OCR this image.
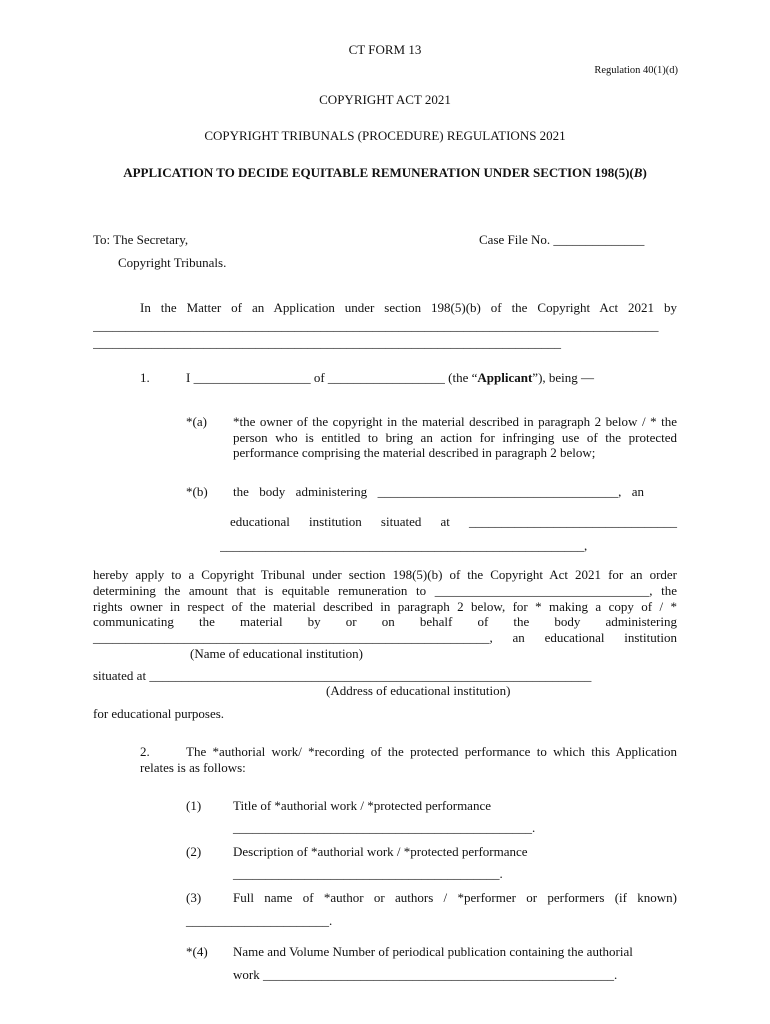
CT FORM 13
Regulation 40(1)(d)
COPYRIGHT ACT 2021
COPYRIGHT TRIBUNALS (PROCEDURE) REGULATIONS 2021
APPLICATION TO DECIDE EQUITABLE REMUNERATION UNDER SECTION 198(5)(B)
To: The Secretary,	Case File No. ______________
Copyright Tribunals.
In the Matter of an Application under section 198(5)(b) of the Copyright Act 2021 by
_______________________________________________________________________________________
________________________________________________________________________
1.	I __________________ of __________________ (the “Applicant”), being —
*(a) *the owner of the copyright in the material described in paragraph 2 below / * the person who is entitled to bring an action for infringing use of the protected performance comprising the material described in paragraph 2 below;
*(b) the body administering _____________________________________, an
educational institution situated at ________________________________
________________________________________________________,
hereby apply to a Copyright Tribunal under section 198(5)(b) of the Copyright Act 2021 for an order
determining the amount that is equitable remuneration to _________________________________, the
rights owner in respect of the material described in paragraph 2 below, for * making a copy of / *
communicating the material by or on behalf of the body administering
_____________________________________________________________, an educational institution
(Name of educational institution)
situated at ____________________________________________________________________
(Address of educational institution)
for educational purposes.
2.	The *authorial work/ *recording of the protected performance to which this Application relates is as follows:
(1) Title of *authorial work / *protected performance
______________________________________________.
(2) Description of *authorial work / *protected performance
_________________________________________.
(3) Full name of *author or authors / *performer or performers (if known)
______________________.
*(4) Name and Volume Number of periodical publication containing the authorial
work ______________________________________________________.
